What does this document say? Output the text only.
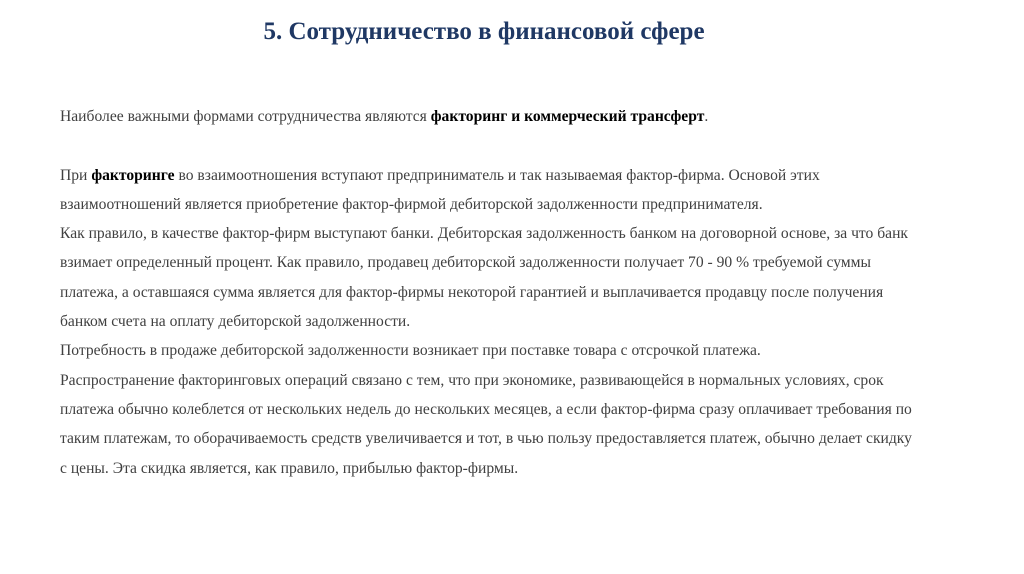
5. Сотрудничество в финансовой сфере

Наиболее важными формами сотрудничества являются факторинг и коммерческий трансферт.

При факторинге во взаимоотношения вступают предприниматель и так называемая фактор-фирма. Основой этих

взаимоотношений является приобретение фактор-фирмой дебиторской задолженности предпринимателя.

Как правило, в качестве фактор-фирм выступают банки. Дебиторская задолженность банком на договорной основе, за что банк

взимает определенный процент. Как правило, продавец дебиторской задолженности получает 70 - 90 % требуемой суммы

платежа, а оставшаяся сумма является для фактор-фирмы некоторой гарантией и выплачивается продавцу после получения

банком счета на оплату дебиторской задолженности.

Потребность в продаже дебиторской задолженности возникает при поставке товара с отсрочкой платежа.

Распространение факторинговых операций связано с тем, что при экономике, развивающейся в нормальных условиях, срок

платежа обычно колеблется от нескольких недель до нескольких месяцев, а если фактор-фирма сразу оплачивает требования по

таким платежам, то оборачиваемость средств увеличивается и тот, в чью пользу предоставляется платеж, обычно делает скидку

с цены. Эта скидка является, как правило, прибылью фактор-фирмы.
